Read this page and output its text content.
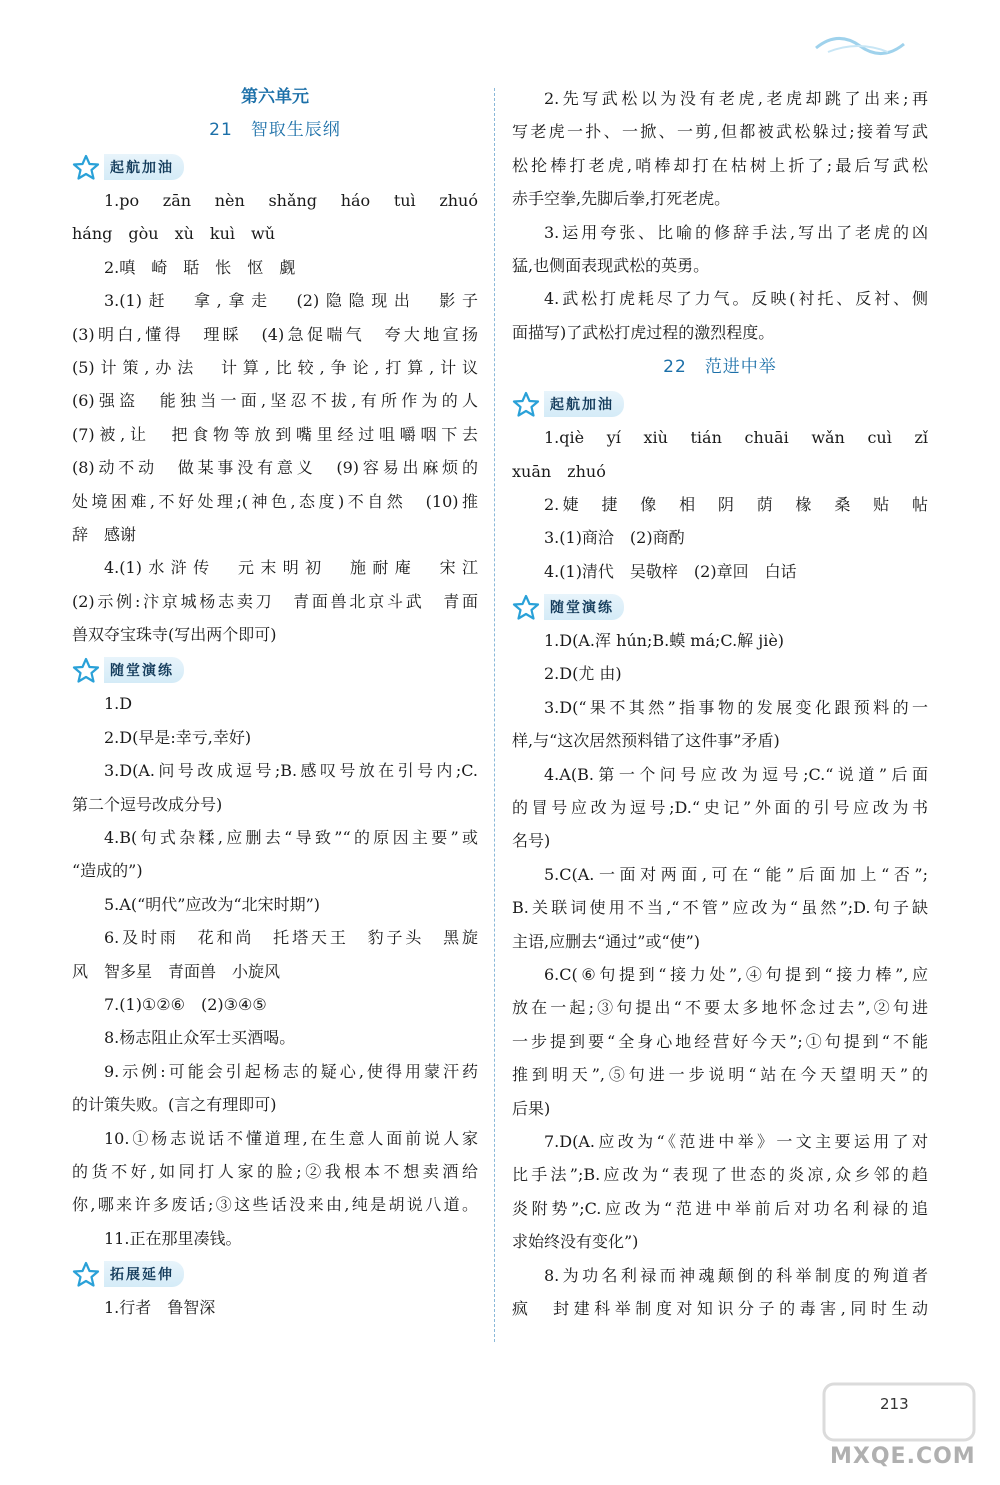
第六单元
21 智取生辰纲
起航加油
1.po　zān　nèn　shǎng　háo　tuì　zhuó
háng　gòu　xù　kuì　wǔ
2.嗔　崎　聒　怅　怄　觑
3.(1)赶　拿,拿走　(2)隐隐现出　影子
(3)明白,懂得　理睬　(4)急促喘气　夸大地宣扬
(5)计策,办法　计算,比较,争论,打算,计议
(6)强盗　能独当一面,坚忍不拔,有所作为的人
(7)被,让　把食物等放到嘴里经过咀嚼咽下去
(8)动不动　做某事没有意义　(9)容易出麻烦的
处境困难,不好处理;(神色,态度)不自然　(10)推
辞　感谢
4.(1)水浒传　元末明初　施耐庵　宋江
(2)示例:汴京城杨志卖刀　青面兽北京斗武　青面
兽双夺宝珠寺(写出两个即可)
随堂演练
1.D
2.D(早是:幸亏,幸好)
3.D(A.问号改成逗号;B.感叹号放在引号内;C.
第二个逗号改成分号)
4.B(句式杂糅,应删去“导致”“的原因主要”或
“造成的”)
5.A(“明代”应改为“北宋时期”)
6.及时雨　花和尚　托塔天王　豹子头　黑旋
风　智多星　青面兽　小旋风
7.(1)①②⑥　(2)③④⑤
8.杨志阻止众军士买酒喝。
9.示例:可能会引起杨志的疑心,使得用蒙汗药
的计策失败。(言之有理即可)
10.①杨志说话不懂道理,在生意人面前说人家
的货不好,如同打人家的脸;②我根本不想卖酒给
你,哪来许多废话;③这些话没来由,纯是胡说八道。
11.正在那里凑钱。
拓展延伸
1.行者　鲁智深
2.先写武松以为没有老虎,老虎却跳了出来;再
写老虎一扑、一掀、一剪,但都被武松躲过;接着写武
松抡棒打老虎,哨棒却打在枯树上折了;最后写武松
赤手空拳,先脚后拳,打死老虎。
3.运用夸张、比喻的修辞手法,写出了老虎的凶
猛,也侧面表现武松的英勇。
4.武松打虎耗尽了力气。反映(衬托、反衬、侧
面描写)了武松打虎过程的激烈程度。
22 范进中举
起航加油
1.qiè　yí　xiù　tián　chuāi　wǎn　cuì　zǐ
xuān　zhuó
2.婕　捷　像　相　阴　荫　椽　桑　贴　帖
3.(1)商洽　(2)商酌
4.(1)清代　吴敬梓　(2)章回　白话
随堂演练
1.D(A.浑 hún;B.蟆 má;C.解 jiè)
2.D(尤 由)
3.D(“果不其然”指事物的发展变化跟预料的一
样,与“这次居然预料错了这件事”矛盾)
4.A(B.第一个问号应改为逗号;C.“说道”后面
的冒号应改为逗号;D.“史记”外面的引号应改为书
名号)
5.C(A.一面对两面,可在“能”后面加上“否”;
B.关联词使用不当,“不管”应改为“虽然”;D.句子缺
主语,应删去“通过”或“使”)
6.C(⑥句提到“接力处”,④句提到“接力棒”,应
放在一起;③句提出“不要太多地怀念过去”,②句进
一步提到要“全身心地经营好今天”;①句提到“不能
推到明天”,⑤句进一步说明“站在今天望明天”的
后果)
7.D(A.应改为“《范进中举》一文主要运用了对
比手法”;B.应改为“表现了世态的炎凉,众乡邻的趋
炎附势”;C.应改为“范进中举前后对功名利禄的追
求始终没有变化”)
8.为功名利禄而神魂颠倒的科举制度的殉道者
疯　封建科举制度对知识分子的毒害,同时生动
213
MXQE.COM
